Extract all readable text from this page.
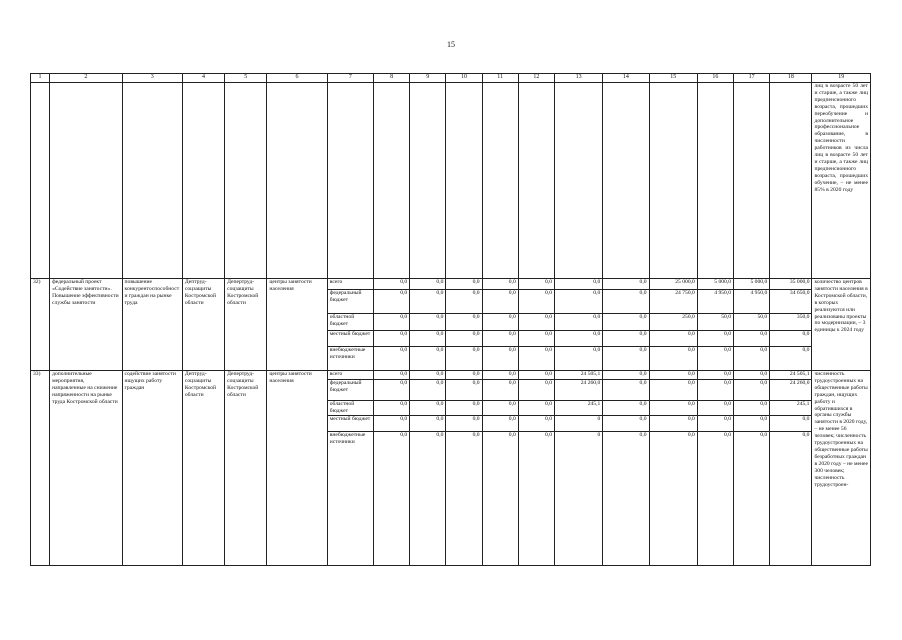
15
1	2	3	4	5	6	7	8	9	10	11	12	13	14	15	16	17	18	19
																		лиц в возрасте 50 лет и старше, а также лиц предпенсионного возраста, прошедших переобучение и дополнительное профессиональное образование, в численности работников из числа лиц в возрасте 50 лет и старше, а также лиц предпенсионного возраста, прошедших обучение, – не менее 85% в 2020 году
32)	федеральный проект «Содействие занятости». Повышение эффективности службы занятости	повышение конкурентоспособности граждан на рынке труда	Дептруд-соцзащиты Костромской области	Депертруд-соцзащиты Костромской области	центры занятости населения	всего	0,0	0,0	0,0	0,0	0,0	0,0	0,0	25 000,0	5 000,0	5 000,0	35 000,0	количество центров занятости населения в Костромской области, в которых реализуются или реализованы проекты по модернизации, – 3 единицы к 2024 году
						федеральный бюджет	0,0	0,0	0,0	0,0	0,0	0,0	0,0	24 750,0	4 950,0	4 950,0	34 650,0	
						областной бюджет	0,0	0,0	0,0	0,0	0,0	0,0	0,0	250,0	50,0	50,0	350,0	
						местный бюджет	0,0	0,0	0,0	0,0	0,0	0,0	0,0	0,0	0,0	0,0	0,0	
						внебюджетные источники	0,0	0,0	0,0	0,0	0,0	0,0	0,0	0,0	0,0	0,0	0,0	
33)	дополнительные мероприятия, направленные на снижение напряженности на рынке труда Костромской области	содействие занятости ищущих работу граждан	Дептруд-соцзащиты Костромской области	Депертруд-соцзащиты Костромской области	центры занятости населения	всего	0,0	0,0	0,0	0,0	0,0	24 505,1	0,0	0,0	0,0	0,0	24 505,1	численность трудоустроенных на общественные работы граждан, ищущих работу и обратившихся в органы службы занятости в 2020 году, – не менее 56 человек; численность трудоустроенных на общественные работы безработных граждан в 2020 году – не менее 300 человек; численность трудоустроен-
						федеральный бюджет	0,0	0,0	0,0	0,0	0,0	24 260,0	0,0	0,0	0,0	0,0	24 260,0	
						областной бюджет	0,0	0,0	0,0	0,0	0,0	245,1	0,0	0,0	0,0	0,0	245,1	
						местный бюджет	0,0	0,0	0,0	0,0	0,0	0	0,0	0,0	0,0	0,0	0,0	
						внебюджетные источники	0,0	0,0	0,0	0,0	0,0	0	0,0	0,0	0,0	0,0	0,0	
